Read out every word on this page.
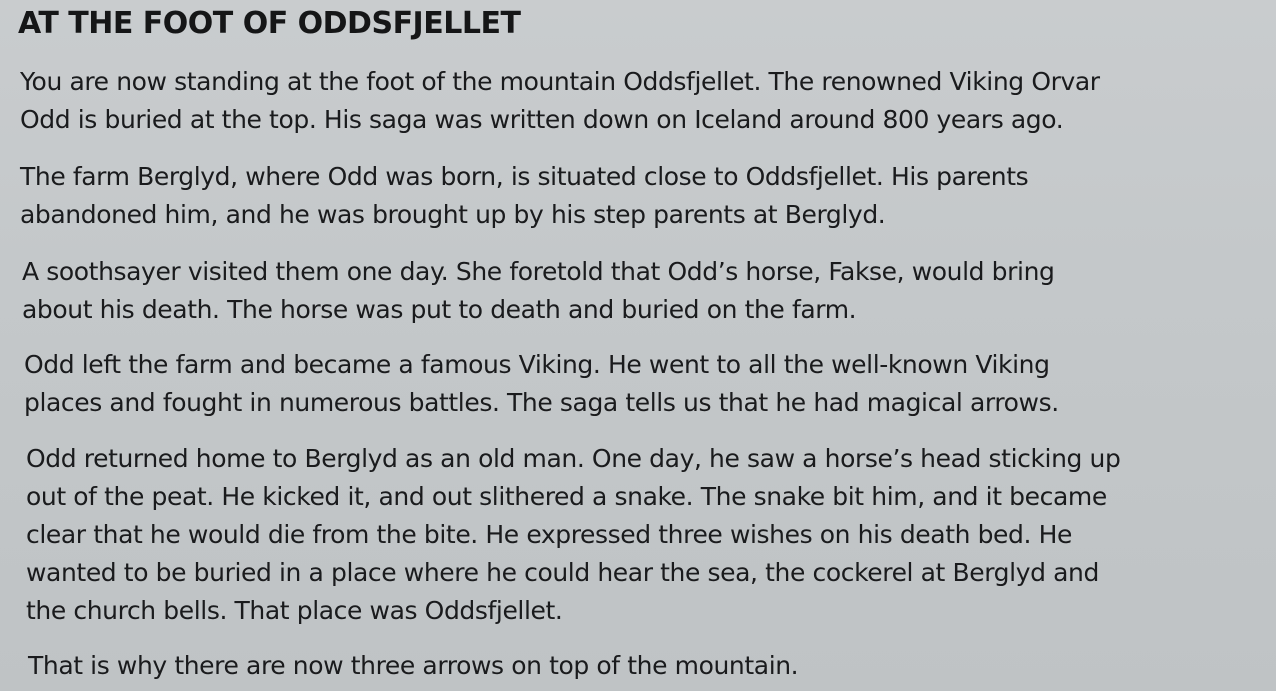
AT THE FOOT OF ODDSFJELLET

You are now standing at the foot of the mountain Oddsfjellet. The renowned Viking Orvar
Odd is buried at the top. His saga was written down on Iceland around 800 years ago.

The farm Berglyd, where Odd was born, is situated close to Oddsfjellet. His parents
abandoned him, and he was brought up by his step parents at Berglyd.

A soothsayer visited them one day. She foretold that Odd’s horse, Fakse, would bring
about his death. The horse was put to death and buried on the farm.

Odd left the farm and became a famous Viking. He went to all the well-known Viking
places and fought in numerous battles. The saga tells us that he had magical arrows.

Odd returned home to Berglyd as an old man. One day, he saw a horse’s head sticking up
out of the peat. He kicked it, and out slithered a snake. The snake bit him, and it became
clear that he would die from the bite. He expressed three wishes on his death bed. He
wanted to be buried in a place where he could hear the sea, the cockerel at Berglyd and
the church bells. That place was Oddsfjellet.

That is why there are now three arrows on top of the mountain.
